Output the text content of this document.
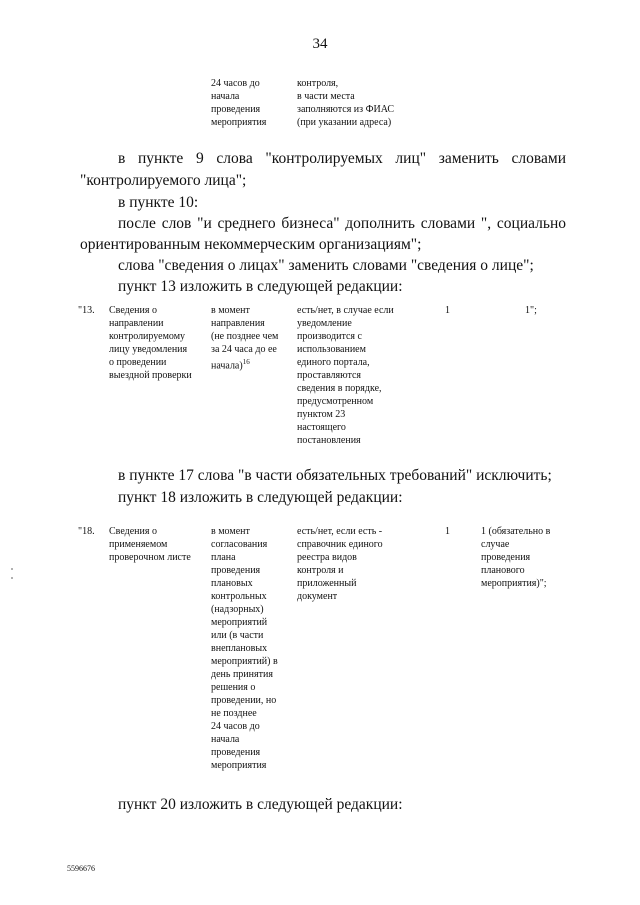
34
24 часов до
начала
проведения
мероприятия
контроля,
в части места
заполняются из ФИАС
(при указании адреса)
в пункте 9 слова "контролируемых лиц" заменить словами
"контролируемого лица";
в пункте 10:
после слов "и среднего бизнеса" дополнить словами ", социально
ориентированным некоммерческим организациям";
слова "сведения о лицах" заменить словами "сведения о лице";
пункт 13 изложить в следующей редакции:
"13. Сведения о
направлении
контролируемому
лицу уведомления
о проведении
выездной проверки
в момент
направления
(не позднее чем
за 24 часа до ее
начала)$^{16}$
есть/нет, в случае если
уведомление
производится с
использованием
единого портала,
проставляются
сведения в порядке,
предусмотренном
пунктом 23
настоящего
постановления
1	1";
в пункте 17 слова "в части обязательных требований" исключить;
пункт 18 изложить в следующей редакции:
"18. Сведения о
применяемом
проверочном листе
в момент
согласования
плана
проведения
плановых
контрольных
(надзорных)
мероприятий
или (в части
внеплановых
мероприятий) в
день принятия
решения о
проведении, но
не позднее
24 часов до
начала
проведения
мероприятия
есть/нет, если есть -
справочник единого
реестра видов
контроля и
приложенный
документ
1	1 (обязательно в
случае
проведения
планового
мероприятия)";
пункт 20 изложить в следующей редакции:
5596676
